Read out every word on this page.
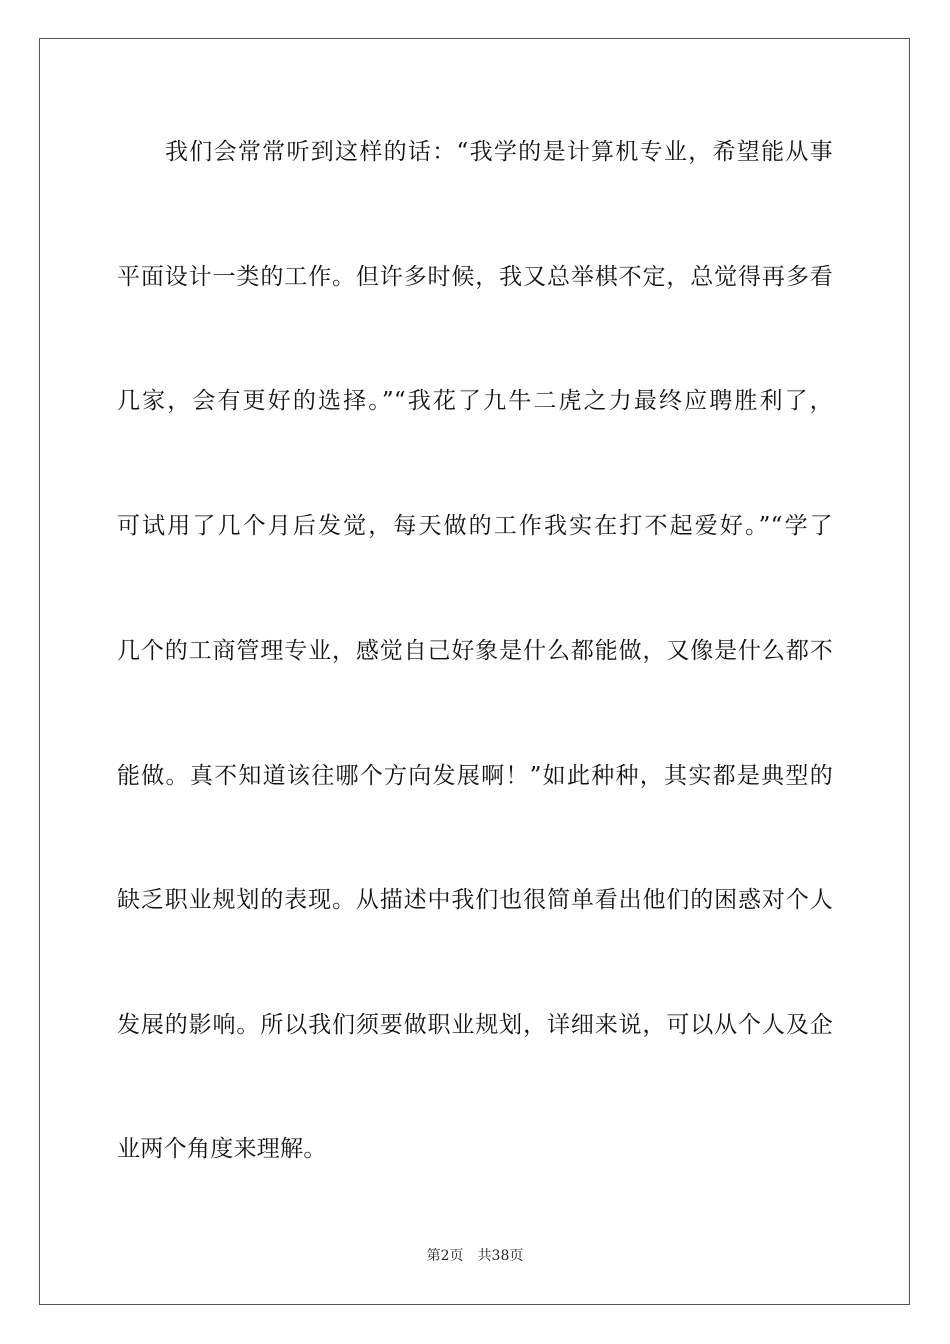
我们会常常听到这样的话：“我学的是计算机专业，希望能从事
平面设计一类的工作。但许多时候，我又总举棋不定，总觉得再多看
几家，会有更好的选择。”“我花了九牛二虎之力最终应聘胜利了，
可试用了几个月后发觉，每天做的工作我实在打不起爱好。”“学了
几个的工商管理专业，感觉自己好象是什么都能做，又像是什么都不
能做。真不知道该往哪个方向发展啊！”如此种种，其实都是典型的
缺乏职业规划的表现。从描述中我们也很简单看出他们的困惑对个人
发展的影响。所以我们须要做职业规划，详细来说，可以从个人及企
业两个角度来理解。
第2页 共38页
